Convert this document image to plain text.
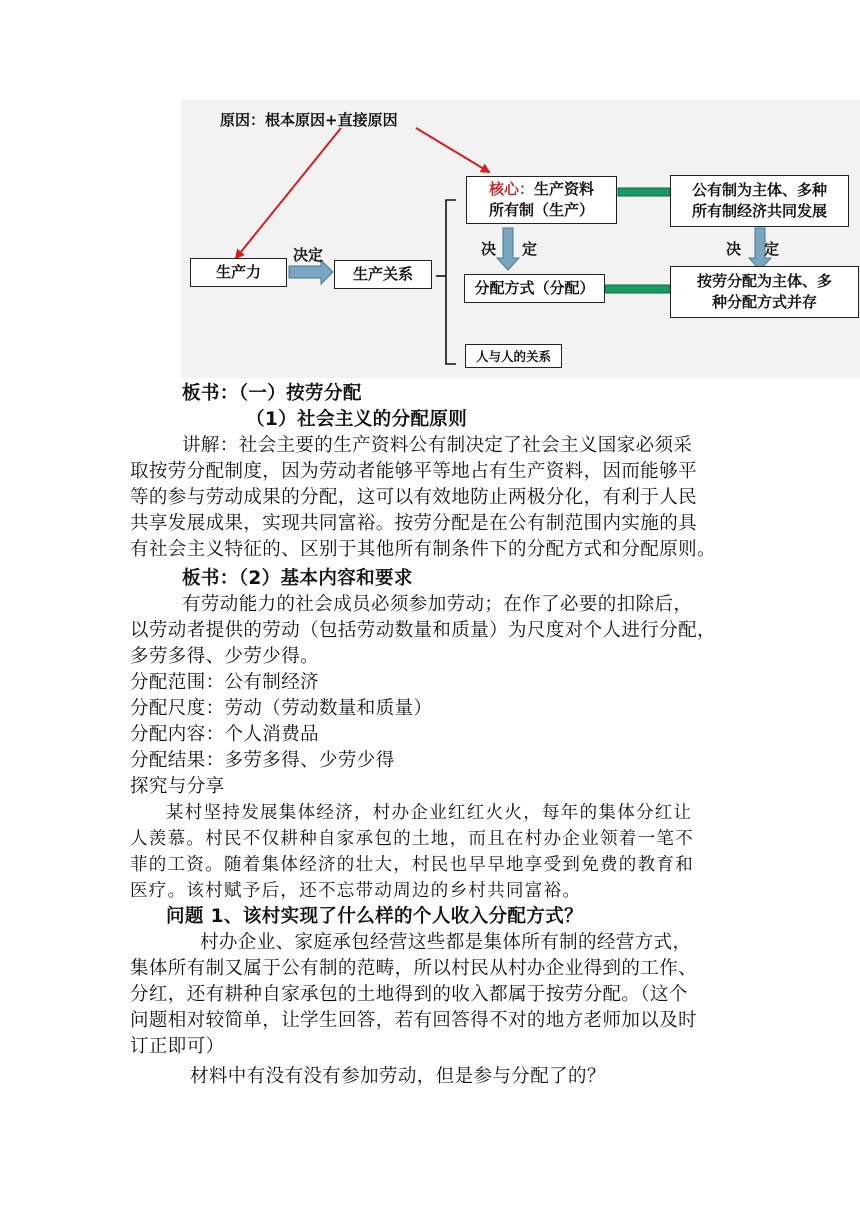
原因：根本原因+直接原因
生产力
决定
生产关系
核心：生产资料
所有制（生产）
决 定
分配方式（分配）
人与人的关系
公有制为主体、多种
所有制经济共同发展
决 定
按劳分配为主体、多
种分配方式并存
板书：（一）按劳分配
（1）社会主义的分配原则
讲解：社会主要的生产资料公有制决定了社会主义国家必须采
取按劳分配制度，因为劳动者能够平等地占有生产资料，因而能够平
等的参与劳动成果的分配，这可以有效地防止两极分化，有利于人民
共享发展成果，实现共同富裕。按劳分配是在公有制范围内实施的具
有社会主义特征的、区别于其他所有制条件下的分配方式和分配原则。
板书：（2）基本内容和要求
有劳动能力的社会成员必须参加劳动；在作了必要的扣除后，
以劳动者提供的劳动（包括劳动数量和质量）为尺度对个人进行分配，
多劳多得、少劳少得。
分配范围：公有制经济
分配尺度：劳动（劳动数量和质量）
分配内容：个人消费品
分配结果：多劳多得、少劳少得
探究与分享
某村坚持发展集体经济，村办企业红红火火，每年的集体分红让
人羡慕。村民不仅耕种自家承包的土地，而且在村办企业领着一笔不
菲的工资。随着集体经济的壮大，村民也早早地享受到免费的教育和
医疗。该村赋予后，还不忘带动周边的乡村共同富裕。
问题 1、该村实现了什么样的个人收入分配方式？
村办企业、家庭承包经营这些都是集体所有制的经营方式，
集体所有制又属于公有制的范畴，所以村民从村办企业得到的工作、
分红，还有耕种自家承包的土地得到的收入都属于按劳分配。（这个
问题相对较简单，让学生回答，若有回答得不对的地方老师加以及时
订正即可）
材料中有没有没有参加劳动，但是参与分配了的？
